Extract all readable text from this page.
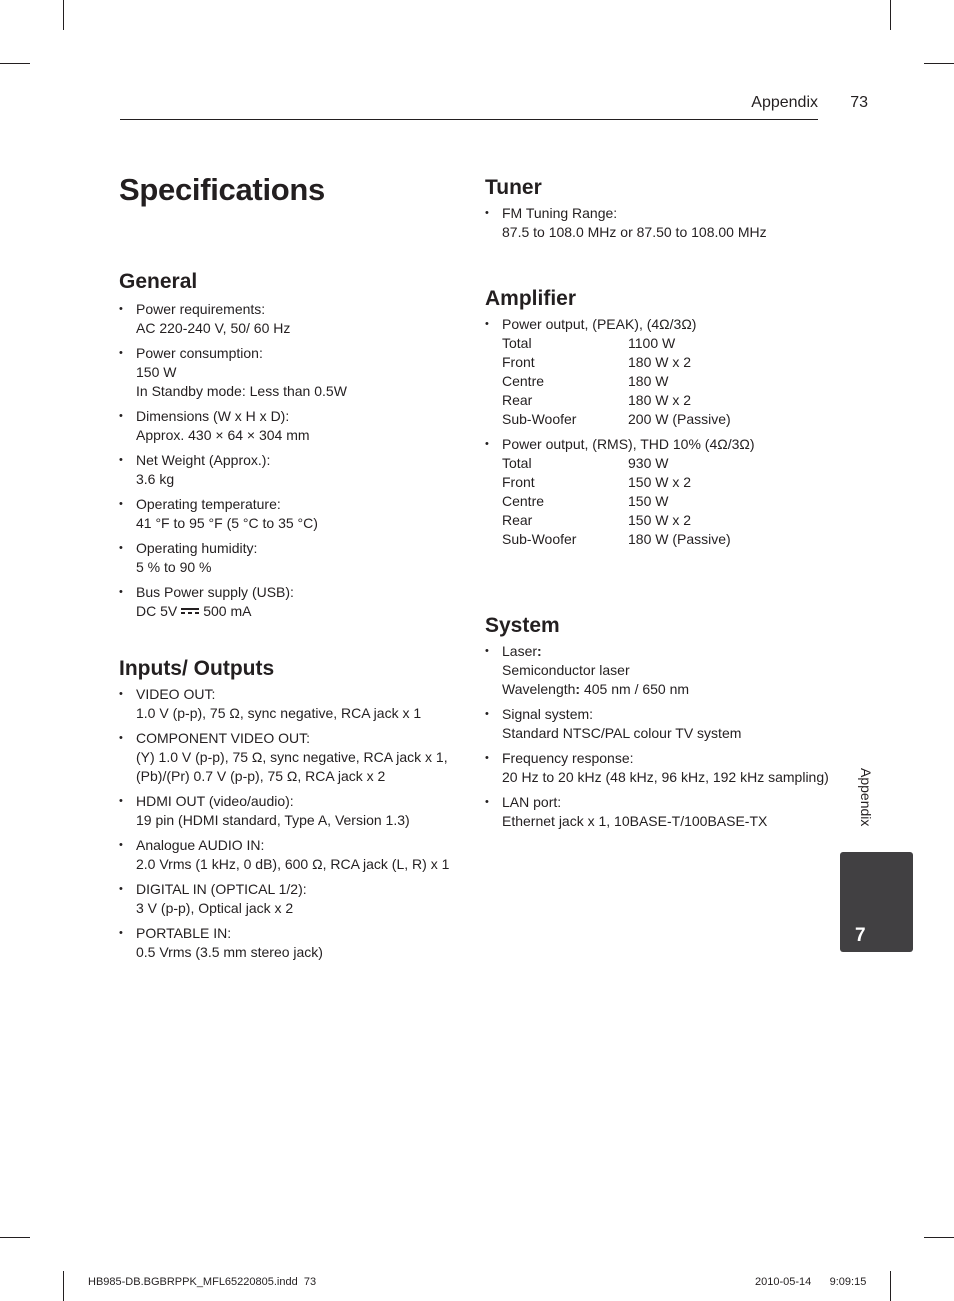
Appendix	73
Specifications
General
• Power requirements:
AC 220-240 V, 50/ 60 Hz
• Power consumption:
150 W
In Standby mode: Less than 0.5W
• Dimensions (W x H x D):
Approx. 430 × 64 × 304 mm
• Net Weight (Approx.):
3.6 kg
• Operating temperature:
41 °F to 95 °F (5 °C to 35 °C)
• Operating humidity:
5 % to 90 %
• Bus Power supply (USB):
DC 5V 500 mA
Inputs/ Outputs
• VIDEO OUT:
1.0 V (p-p), 75 Ω, sync negative, RCA jack x 1
• COMPONENT VIDEO OUT:
(Y) 1.0 V (p-p), 75 Ω, sync negative, RCA jack x 1,
(Pb)/(Pr) 0.7 V (p-p), 75 Ω, RCA jack x 2
• HDMI OUT (video/audio):
19 pin (HDMI standard, Type A, Version 1.3)
• Analogue AUDIO IN:
2.0 Vrms (1 kHz, 0 dB), 600 Ω, RCA jack (L, R) x 1
• DIGITAL IN (OPTICAL 1/2):
3 V (p-p), Optical jack x 2
• PORTABLE IN:
0.5 Vrms (3.5 mm stereo jack)
Tuner
• FM Tuning Range:
87.5 to 108.0 MHz or 87.50 to 108.00 MHz
Amplifier
• Power output, (PEAK), (4Ω/3Ω)
Total	1100 W
Front	180 W x 2
Centre	180 W
Rear	180 W x 2
Sub-Woofer	200 W (Passive)
• Power output, (RMS), THD 10% (4Ω/3Ω)
Total	930 W
Front	150 W x 2
Centre	150 W
Rear	150 W x 2
Sub-Woofer	180 W (Passive)
System
• Laser:
Semiconductor laser
Wavelength: 405 nm / 650 nm
• Signal system:
Standard NTSC/PAL colour TV system
• Frequency response:
20 Hz to 20 kHz (48 kHz, 96 kHz, 192 kHz sampling)
• LAN port:
Ethernet jack x 1, 10BASE-T/100BASE-TX	Appendix
7
HB985-DB.BGBRPPK_MFL65220805.indd 73	2010-05-14 9:09:15
